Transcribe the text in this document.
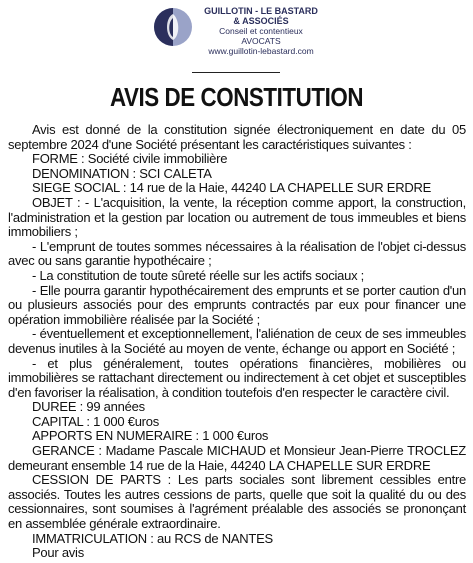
GUILLOTIN - LE BASTARD
& ASSOCIÉS
Conseil et contentieux
AVOCATS
www.guillotin-lebastard.com
AVIS DE CONSTITUTION

Avis est donné de la constitution signée électroniquement en date du 05 septembre 2024 d'une Société présentant les caractéristiques suivantes :

FORME : Société civile immobilière

DENOMINATION : SCI CALETA

SIEGE SOCIAL : 14 rue de la Haie, 44240 LA CHAPELLE SUR ERDRE

OBJET : - L'acquisition, la vente, la réception comme apport, la construction, l'administration et la gestion par location ou autrement de tous immeubles et biens immobiliers ;

- L'emprunt de toutes sommes nécessaires à la réalisation de l'objet ci-dessus avec ou sans garantie hypothécaire ;

- La constitution de toute sûreté réelle sur les actifs sociaux ;

- Elle pourra garantir hypothécairement des emprunts et se porter caution d'un ou plusieurs associés pour des emprunts contractés par eux pour financer une opération immobilière réalisée par la Société ;

- éventuellement et exceptionnellement, l'aliénation de ceux de ses immeubles devenus inutiles à la Société au moyen de vente, échange ou apport en Société ;

- et plus généralement, toutes opérations financières, mobilières ou immobilières se rattachant directement ou indirectement à cet objet et susceptibles d'en favoriser la réalisation, à condition toutefois d'en respecter le caractère civil.

DUREE : 99 années

CAPITAL : 1 000 €uros

APPORTS EN NUMERAIRE : 1 000 €uros

GERANCE : Madame Pascale MICHAUD et Monsieur Jean-Pierre TROCLEZ demeurant ensemble 14 rue de la Haie, 44240 LA CHAPELLE SUR ERDRE

CESSION DE PARTS : Les parts sociales sont librement cessibles entre associés. Toutes les autres cessions de parts, quelle que soit la qualité du ou des cessionnaires, sont soumises à l'agrément préalable des associés se prononçant en assemblée générale extraordinaire.

IMMATRICULATION : au RCS de NANTES

Pour avis
